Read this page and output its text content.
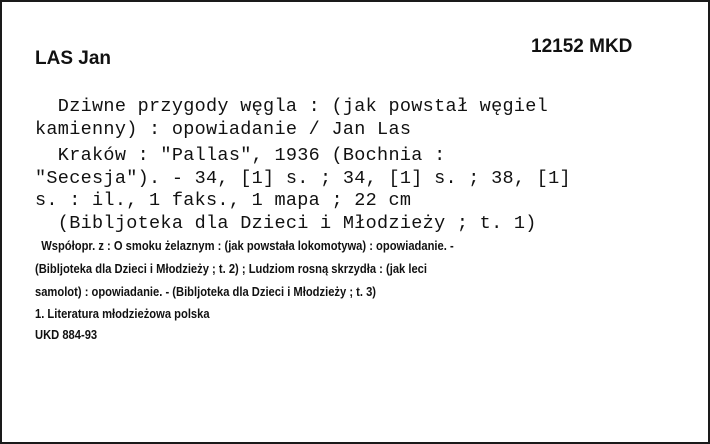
LAS Jan
12152 MKD
Dziwne przygody węgla : (jak powstał węgiel
kamienny) : opowiadanie / Jan Las
Kraków : "Pallas", 1936 (Bochnia :
"Secesja"). - 34, [1] s. ; 34, [1] s. ; 38, [1]
s. : il., 1 faks., 1 mapa ; 22 cm
(Bibljoteka dla Dzieci i Młodzieży ; t. 1)
Współopr. z : O smoku żelaznym : (jak powstała lokomotywa) : opowiadanie. -
(Bibljoteka dla Dzieci i Młodzieży ; t. 2) ; Ludziom rosną skrzydła : (jak leci
samolot) : opowiadanie. - (Bibljoteka dla Dzieci i Młodzieży ; t. 3)
1. Literatura młodzieżowa polska
UKD 884-93
